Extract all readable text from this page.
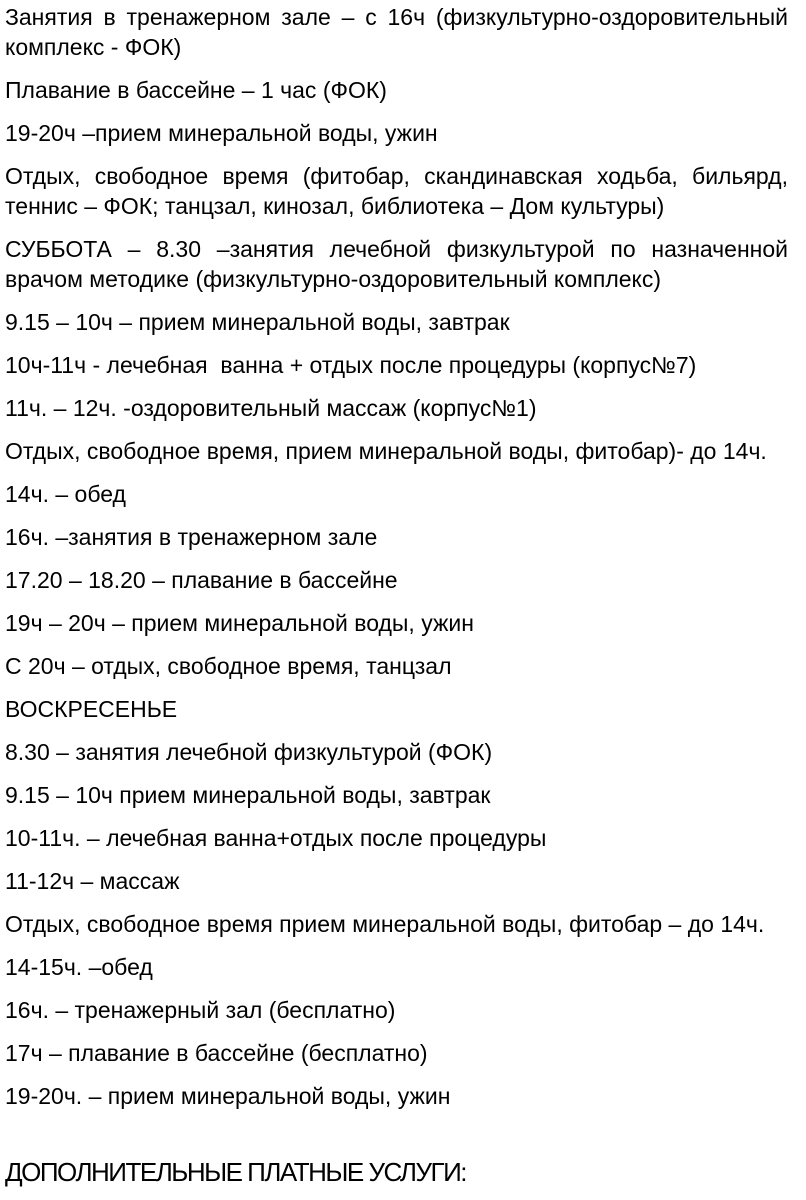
Занятия в тренажерном зале – с 16ч (физкультурно-оздоровительный
комплекс - ФОК)
Плавание в бассейне – 1 час (ФОК)
19-20ч –прием минеральной воды, ужин
Отдых, свободное время (фитобар, скандинавская ходьба, бильярд,
теннис – ФОК; танцзал, кинозал, библиотека – Дом культуры)
СУББОТА – 8.30 –занятия лечебной физкультурой по назначенной
врачом методике (физкультурно-оздоровительный комплекс)
9.15 – 10ч – прием минеральной воды, завтрак
10ч-11ч - лечебная  ванна + отдых после процедуры (корпус№7)
11ч. – 12ч. -оздоровительный массаж (корпус№1)
Отдых, свободное время, прием минеральной воды, фитобар)- до 14ч.
14ч. – обед
16ч. –занятия в тренажерном зале
17.20 – 18.20 – плавание в бассейне
19ч – 20ч – прием минеральной воды, ужин
С 20ч – отдых, свободное время, танцзал
ВОСКРЕСЕНЬЕ
8.30 – занятия лечебной физкультурой (ФОК)
9.15 – 10ч прием минеральной воды, завтрак
10-11ч. – лечебная ванна+отдых после процедуры
11-12ч – массаж
Отдых, свободное время прием минеральной воды, фитобар – до 14ч.
14-15ч. –обед
16ч. – тренажерный зал (бесплатно)
17ч – плавание в бассейне (бесплатно)
19-20ч. – прием минеральной воды, ужин
ДОПОЛНИТЕЛЬНЫЕ ПЛАТНЫЕ УСЛУГИ:
